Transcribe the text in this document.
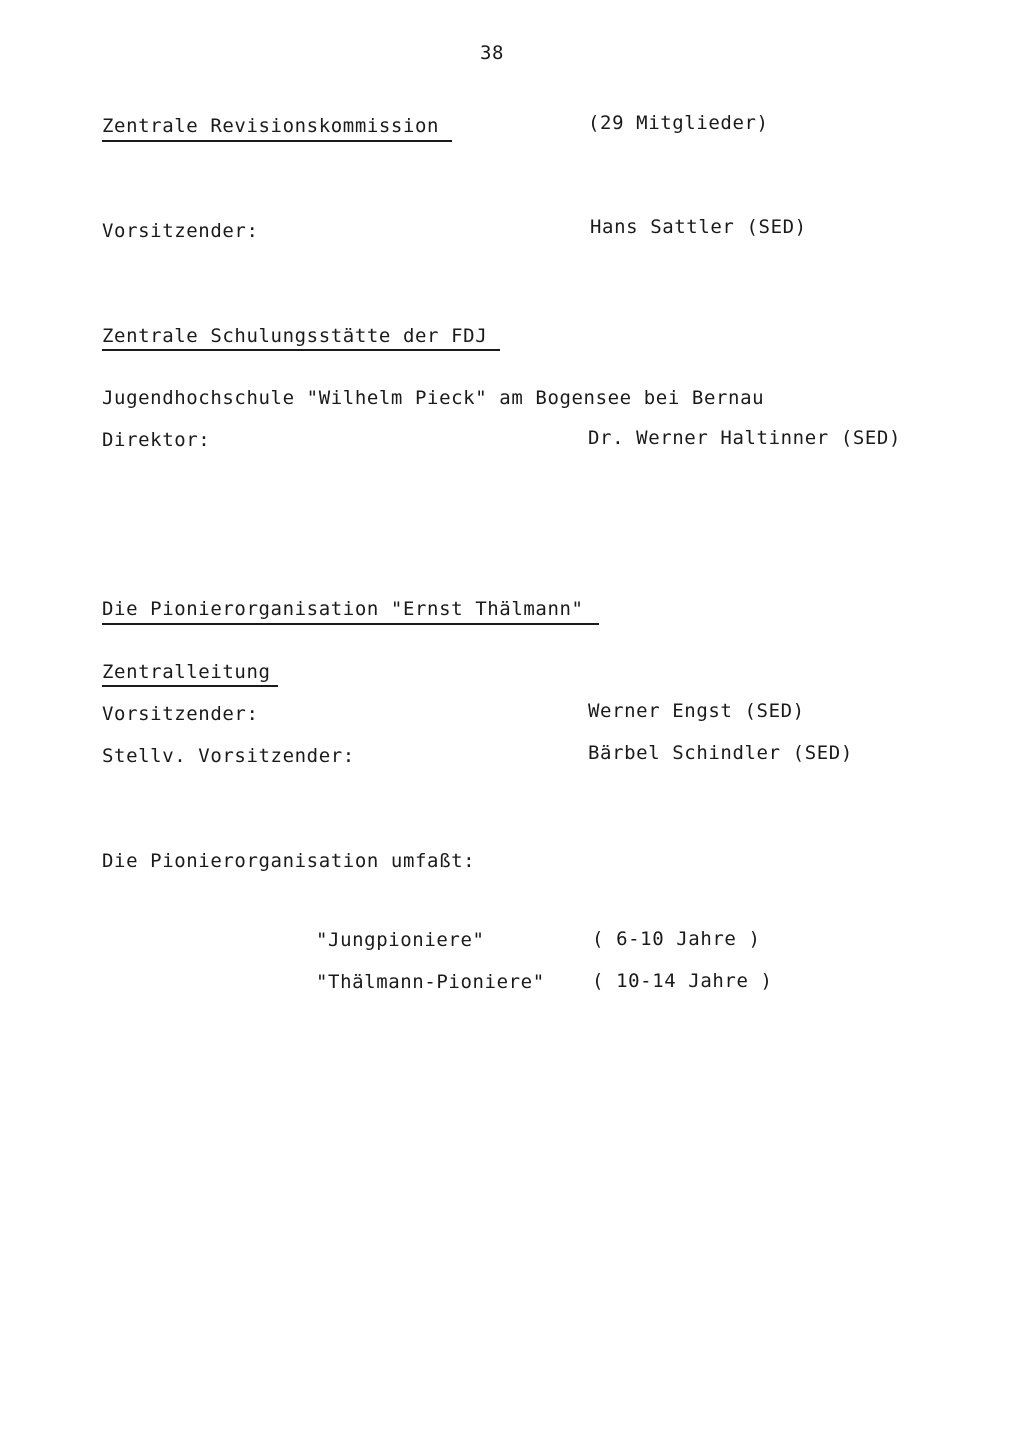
38
Zentrale Revisionskommission	(29 Mitglieder)
Vorsitzender:	Hans Sattler (SED)
Zentrale Schulungsstätte der FDJ
Jugendhochschule "Wilhelm Pieck" am Bogensee bei Bernau
Direktor:	Dr. Werner Haltinner (SED)
Die Pionierorganisation "Ernst Thälmann"
Zentralleitung
Vorsitzender:	Werner Engst (SED)
Stellv. Vorsitzender:	Bärbel Schindler (SED)
Die Pionierorganisation umfaßt:
"Jungpioniere"	( 6-10 Jahre )
"Thälmann-Pioniere" ( 10-14 Jahre )
